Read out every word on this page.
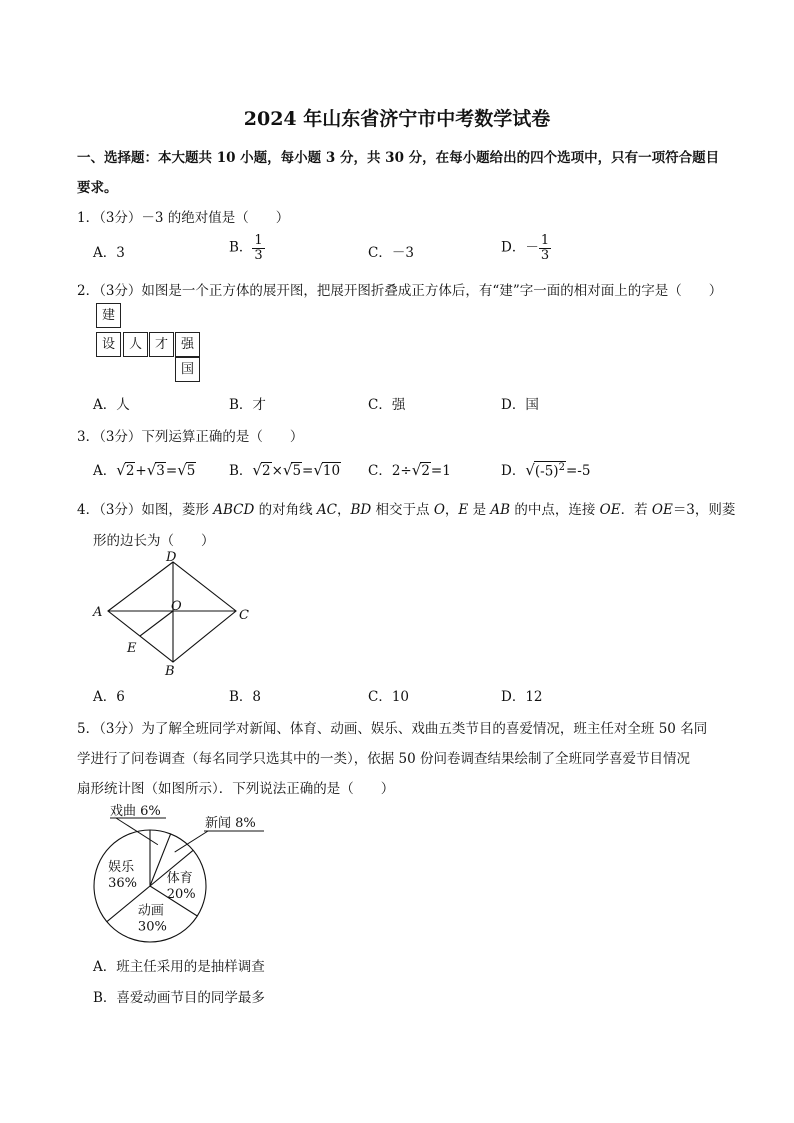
2024 年山东省济宁市中考数学试卷
一、选择题：本大题共 10 小题，每小题 3 分，共 30 分，在每小题给出的四个选项中，只有一项符合题目
要求。
1．（3分）－3 的绝对值是（　　）
A．3	B． $\frac{1}{3}$	C．－3	D．－ $\frac{1}{3}$
2．（3分）如图是一个正方体的展开图，把展开图折叠成正方体后，有“建”字一面的相对面上的字是（　　）
建
设	人 才 强
国
A．人	B．才	C．强	D．国
3．（3分）下列运算正确的是（　　）
A．√2+√3=√5 B．√2×√5=√10 C．2÷√2=1	D．$√(-5)^2=-5$
4．（3分）如图，菱形 ABCD 的对角线 AC，BD 相交于点 O，E 是 AB 的中点，连接 OE．若 OE＝3，则菱
形的边长为（　　）
A
D
C
B
O
E
A．6	B．8	C．10	D．12
5．（3分）为了解全班同学对新闻、体育、动画、娱乐、戏曲五类节目的喜爱情况，班主任对全班 50 名同
学进行了问卷调查（每名同学只选其中的一类），依据 50 份问卷调查结果绘制了全班同学喜爱节目情况
扇形统计图（如图所示）．下列说法正确的是（　　）
戏曲 6%
新闻 8%
体育
20%
动画
30%
娱乐
36%
A．班主任采用的是抽样调查
B．喜爱动画节目的同学最多
